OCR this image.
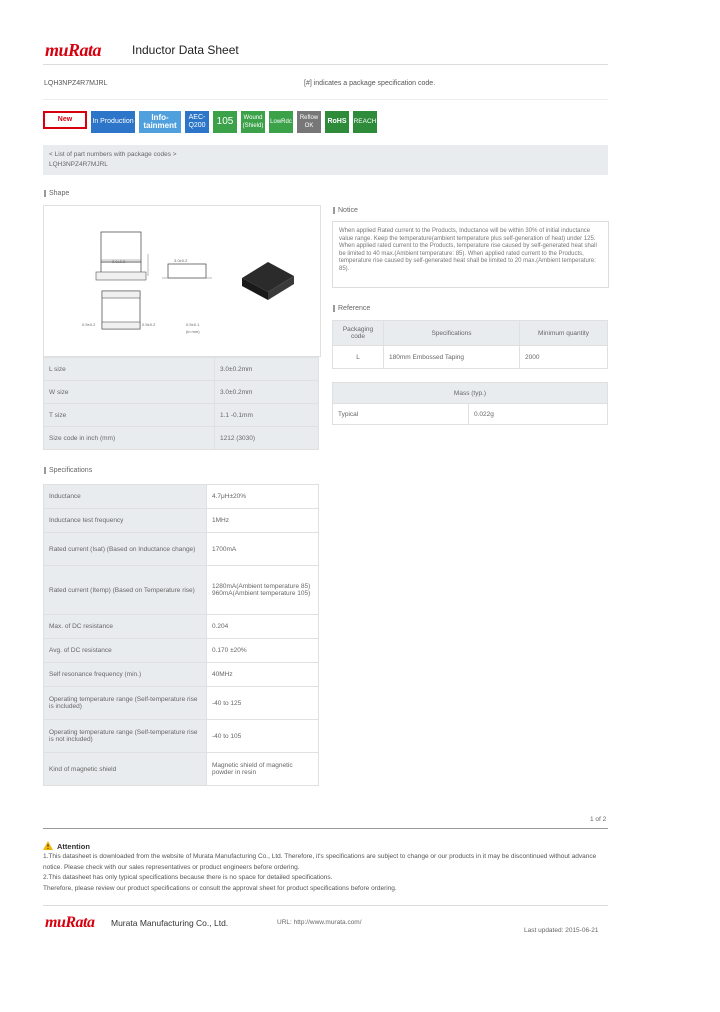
muRata	Inductor Data Sheet
LQH3NPZ4R7MJRL	[#] indicates a package specification code.
New	In Production	Info-tainment
AEC-Q200	105	Wound (Shield)
LowRdc
Reflow OK
RoHS	REACH
< List of part numbers with package codes >
LQH3NPZ4R7MJRL
Shape
3.0±0.2	3.0±0.2
0.5±0.2	0.5±0.2	0.5±0.1
(in mm)
L size	3.0±0.2mm
W size	3.0±0.2mm
T size	1.1 -0.1mm
Size code in inch (mm)	1212 (3030)
Notice
When applied Rated current to the Products, Inductance will be within 30% of initial inductance value range. Keep the temperature(ambient temperature plus self-generation of heat) under 125. When applied rated current to the Products, temperature rise caused by self-generated heat shall be limited to 40 max.(Ambient temperature: 85). When applied rated current to the Products, temperature rise caused by self-generated heat shall be limited to 20 max.(Ambient temperature: 85).
Reference
Packaging code	Specifications	Minimum quantity
L	180mm Embossed Taping	2000
Mass (typ.)
Typical	0.022g
Specifications
Inductance	4.7μH±20%
Inductance test frequency	1MHz
Rated current (Isat) (Based on Inductance change)	1700mA
Rated current (Itemp) (Based on Temperature rise)	1280mA(Ambient temperature 85)
960mA(Ambient temperature 105)
Max. of DC resistance	0.204
Avg. of DC resistance	0.170 ±20%
Self resonance frequency (min.)	40MHz
Operating temperature range (Self-temperature rise is included)	-40 to 125
Operating temperature range (Self-temperature rise is not included)	-40 to 105
Kind of magnetic shield	Magnetic shield of magnetic powder in resin
1 of 2
Attention
1.This datasheet is downloaded from the website of Murata Manufacturing Co., Ltd. Therefore, it's specifications are subject to change or our products in it may be discontinued without advance notice. Please check with our sales representatives or product engineers before ordering.
2.This datasheet has only typical specifications because there is no space for detailed specifications.
Therefore, please review our product specifications or consult the approval sheet for product specifications before ordering.
muRata Murata Manufacturing Co., Ltd.	URL: http://www.murata.com/
Last updated: 2015-06-21
